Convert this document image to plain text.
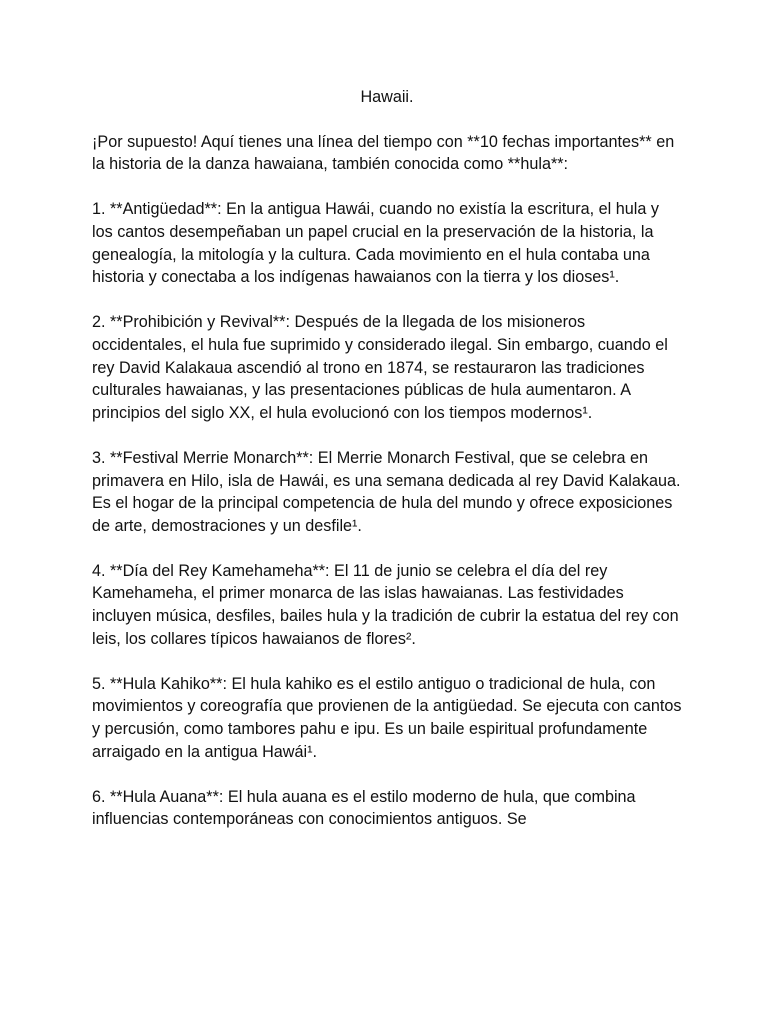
Hawaii.

¡Por supuesto! Aquí tienes una línea del tiempo con **10 fechas importantes** en la historia de la danza hawaiana, también conocida como **hula**:

1. **Antigüedad**: En la antigua Hawái, cuando no existía la escritura, el hula y los cantos desempeñaban un papel crucial en la preservación de la historia, la genealogía, la mitología y la cultura. Cada movimiento en el hula contaba una historia y conectaba a los indígenas hawaianos con la tierra y los dioses¹.

2. **Prohibición y Revival**: Después de la llegada de los misioneros occidentales, el hula fue suprimido y considerado ilegal. Sin embargo, cuando el rey David Kalakaua ascendió al trono en 1874, se restauraron las tradiciones culturales hawaianas, y las presentaciones públicas de hula aumentaron. A principios del siglo XX, el hula evolucionó con los tiempos modernos¹.

3. **Festival Merrie Monarch**: El Merrie Monarch Festival, que se celebra en primavera en Hilo, isla de Hawái, es una semana dedicada al rey David Kalakaua. Es el hogar de la principal competencia de hula del mundo y ofrece exposiciones de arte, demostraciones y un desfile¹.

4. **Día del Rey Kamehameha**: El 11 de junio se celebra el día del rey Kamehameha, el primer monarca de las islas hawaianas. Las festividades incluyen música, desfiles, bailes hula y la tradición de cubrir la estatua del rey con leis, los collares típicos hawaianos de flores².

5. **Hula Kahiko**: El hula kahiko es el estilo antiguo o tradicional de hula, con movimientos y coreografía que provienen de la antigüedad. Se ejecuta con cantos y percusión, como tambores pahu e ipu. Es un baile espiritual profundamente arraigado en la antigua Hawái¹.

6. **Hula Auana**: El hula auana es el estilo moderno de hula, que combina influencias contemporáneas con conocimientos antiguos. Se
